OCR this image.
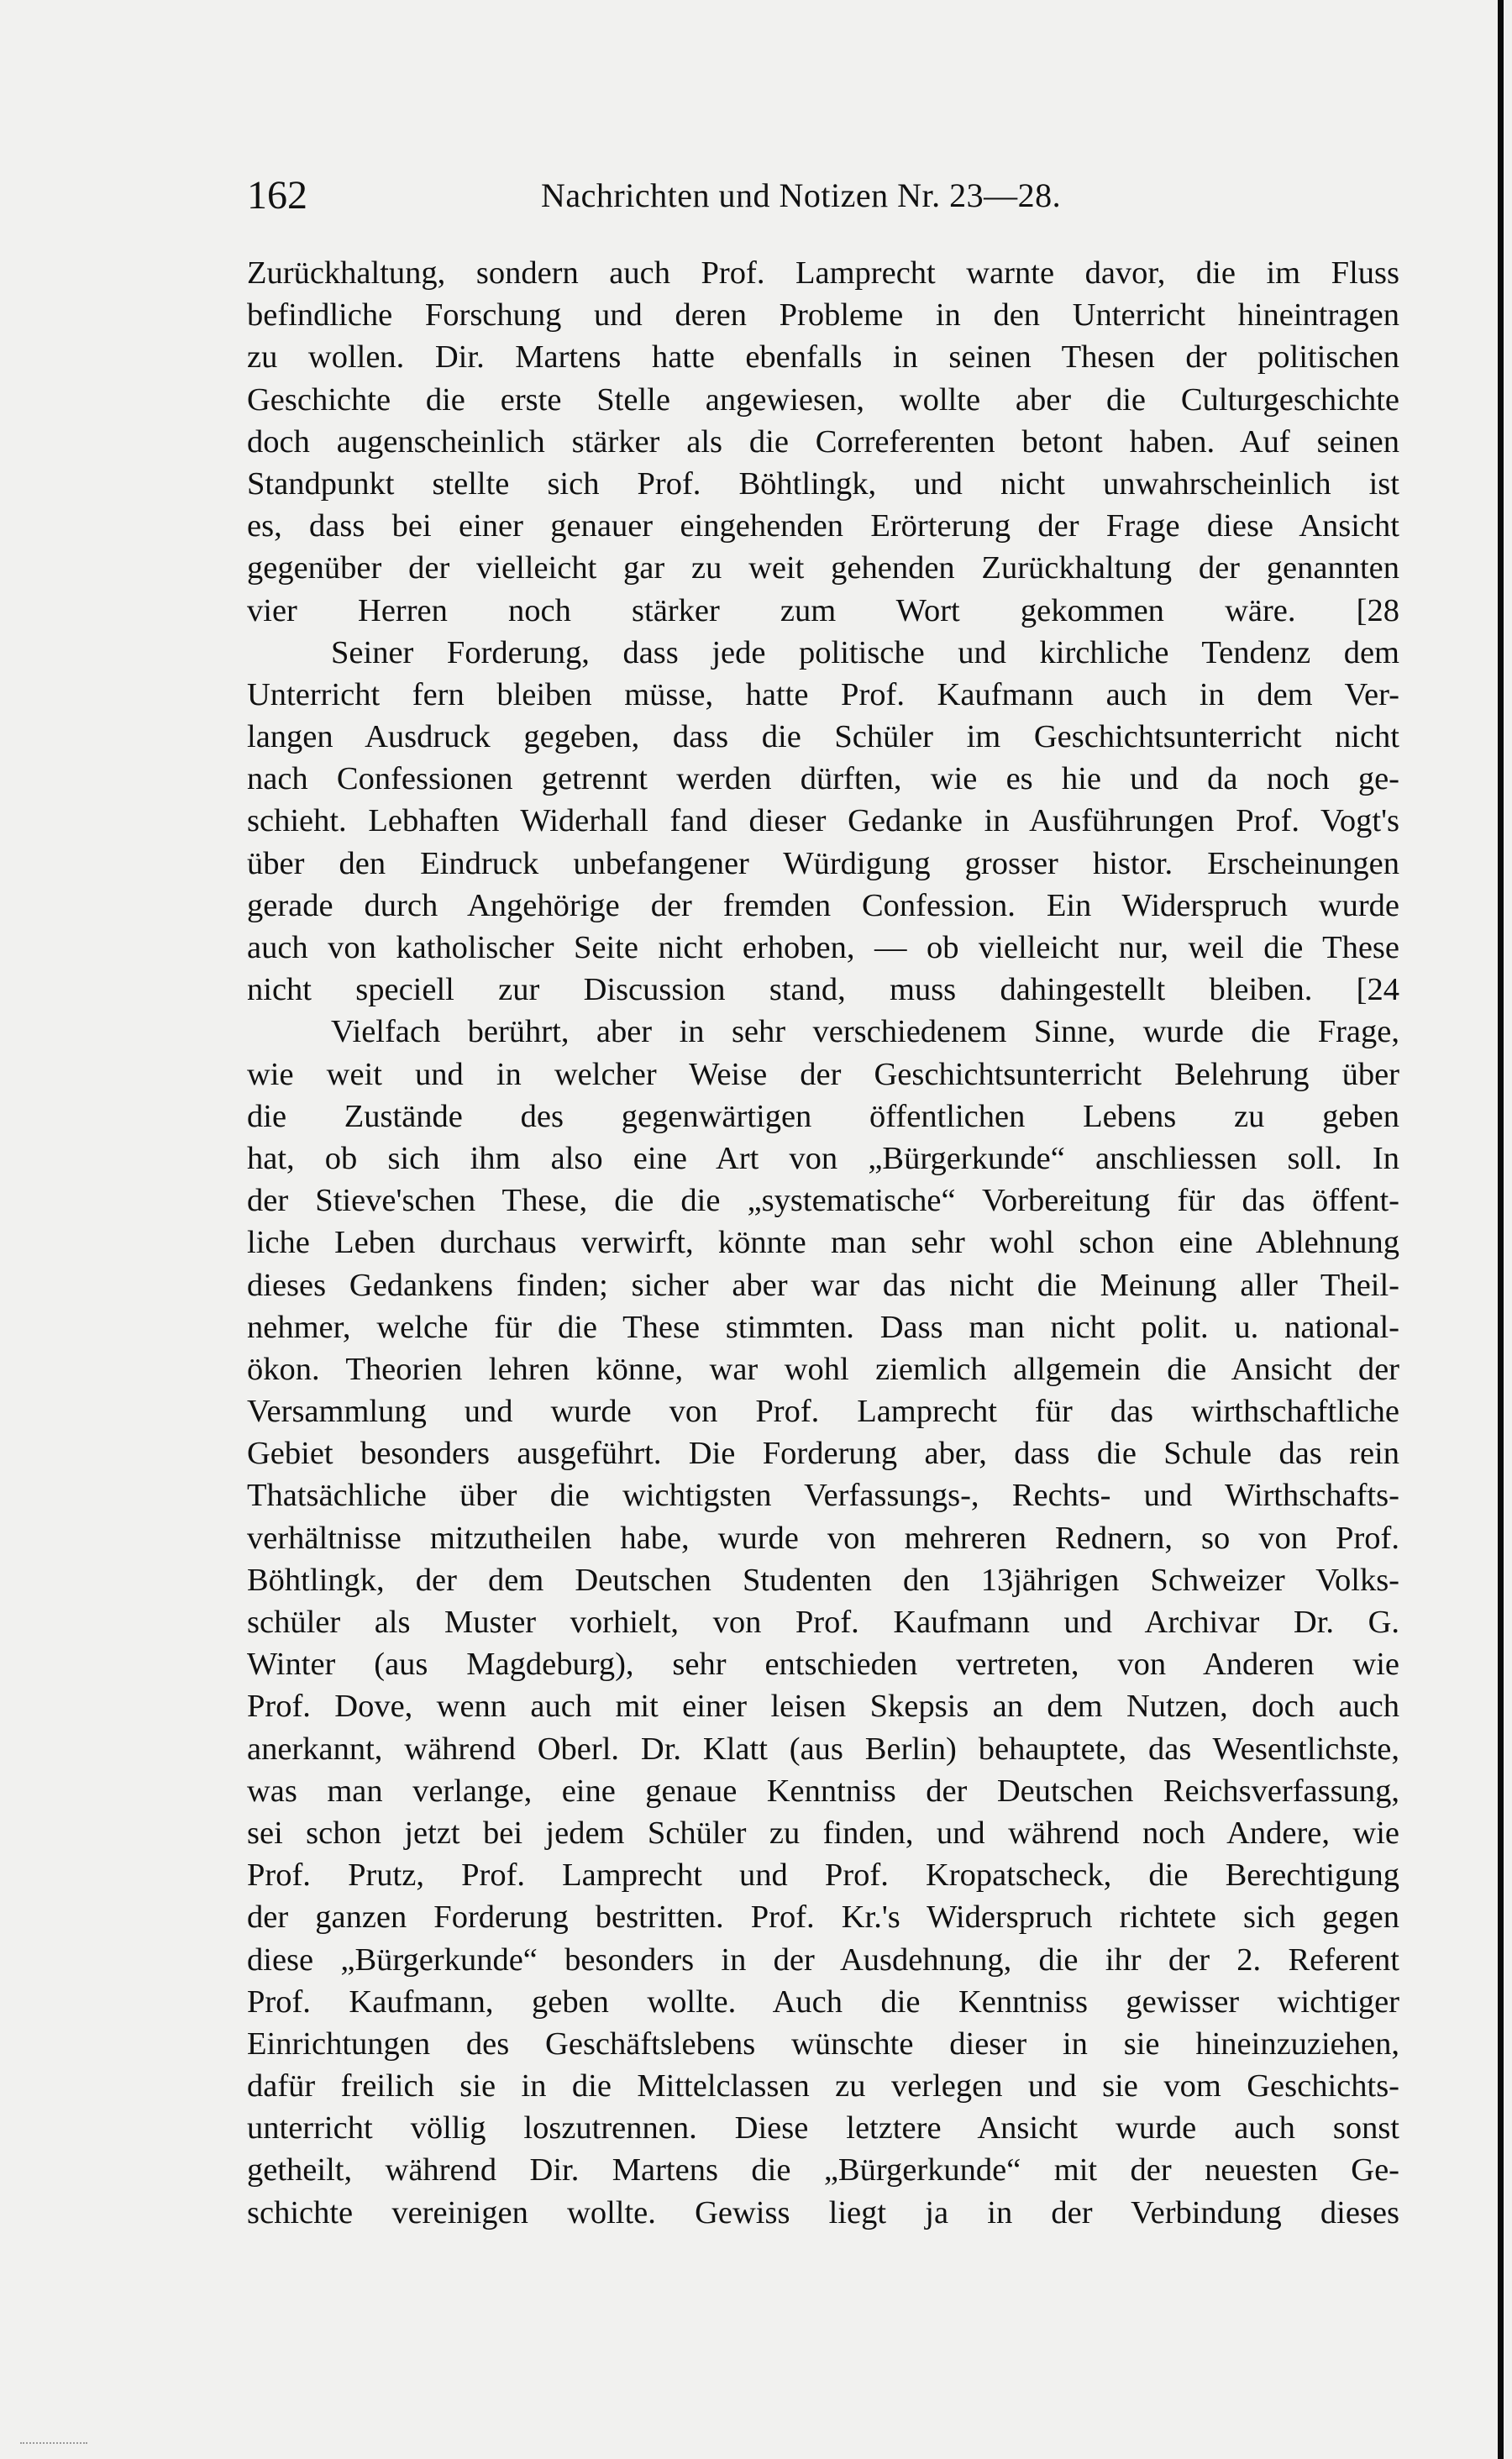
162	Nachrichten und Notizen Nr. 23—28.
Zurückhaltung, sondern auch Prof. Lamprecht warnte davor, die im Fluss
befindliche Forschung und deren Probleme in den Unterricht hineintragen
zu wollen. Dir. Martens hatte ebenfalls in seinen Thesen der politischen
Geschichte die erste Stelle angewiesen, wollte aber die Culturgeschichte
doch augenscheinlich stärker als die Correferenten betont haben. Auf seinen
Standpunkt stellte sich Prof. Böhtlingk, und nicht unwahrscheinlich ist
es, dass bei einer genauer eingehenden Erörterung der Frage diese Ansicht
gegenüber der vielleicht gar zu weit gehenden Zurückhaltung der genannten
vier Herren noch stärker zum Wort gekommen wäre. [28
Seiner Forderung, dass jede politische und kirchliche Tendenz dem
Unterricht fern bleiben müsse, hatte Prof. Kaufmann auch in dem Ver-
langen Ausdruck gegeben, dass die Schüler im Geschichtsunterricht nicht
nach Confessionen getrennt werden dürften, wie es hie und da noch ge-
schieht. Lebhaften Widerhall fand dieser Gedanke in Ausführungen Prof. Vogt's
über den Eindruck unbefangener Würdigung grosser histor. Erscheinungen
gerade durch Angehörige der fremden Confession. Ein Widerspruch wurde
auch von katholischer Seite nicht erhoben, — ob vielleicht nur, weil die These
nicht speciell zur Discussion stand, muss dahingestellt bleiben. [24
Vielfach berührt, aber in sehr verschiedenem Sinne, wurde die Frage,
wie weit und in welcher Weise der Geschichtsunterricht Belehrung über
die Zustände des gegenwärtigen öffentlichen Lebens zu geben
hat, ob sich ihm also eine Art von „Bürgerkunde“ anschliessen soll. In
der Stieve'schen These, die die „systematische“ Vorbereitung für das öffent-
liche Leben durchaus verwirft, könnte man sehr wohl schon eine Ablehnung
dieses Gedankens finden; sicher aber war das nicht die Meinung aller Theil-
nehmer, welche für die These stimmten. Dass man nicht polit. u. national-
ökon. Theorien lehren könne, war wohl ziemlich allgemein die Ansicht der
Versammlung und wurde von Prof. Lamprecht für das wirthschaftliche
Gebiet besonders ausgeführt. Die Forderung aber, dass die Schule das rein
Thatsächliche über die wichtigsten Verfassungs-, Rechts- und Wirthschafts-
verhältnisse mitzutheilen habe, wurde von mehreren Rednern, so von Prof.
Böhtlingk, der dem Deutschen Studenten den 13jährigen Schweizer Volks-
schüler als Muster vorhielt, von Prof. Kaufmann und Archivar Dr. G.
Winter (aus Magdeburg), sehr entschieden vertreten, von Anderen wie
Prof. Dove, wenn auch mit einer leisen Skepsis an dem Nutzen, doch auch
anerkannt, während Oberl. Dr. Klatt (aus Berlin) behauptete, das Wesentlichste,
was man verlange, eine genaue Kenntniss der Deutschen Reichsverfassung,
sei schon jetzt bei jedem Schüler zu finden, und während noch Andere, wie
Prof. Prutz, Prof. Lamprecht und Prof. Kropatscheck, die Berechtigung
der ganzen Forderung bestritten. Prof. Kr.'s Widerspruch richtete sich gegen
diese „Bürgerkunde“ besonders in der Ausdehnung, die ihr der 2. Referent
Prof. Kaufmann, geben wollte. Auch die Kenntniss gewisser wichtiger
Einrichtungen des Geschäftslebens wünschte dieser in sie hineinzuziehen,
dafür freilich sie in die Mittelclassen zu verlegen und sie vom Geschichts-
unterricht völlig loszutrennen. Diese letztere Ansicht wurde auch sonst
getheilt, während Dir. Martens die „Bürgerkunde“ mit der neuesten Ge-
schichte vereinigen wollte. Gewiss liegt ja in der Verbindung dieses
